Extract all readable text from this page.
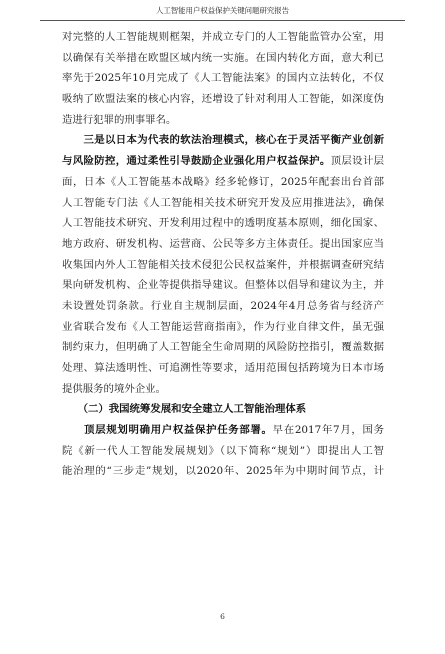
人工智能用户权益保护关键问题研究报告
对完整的人工智能规则框架，并成立专门的人工智能监管办公室，用
以确保有关举措在欧盟区域内统一实施。在国内转化方面，意大利已
率先于2025年10月完成了《人工智能法案》的国内立法转化，不仅
吸纳了欧盟法案的核心内容，还增设了针对利用人工智能，如深度伪
造进行犯罪的刑事罪名。
　　三是以日本为代表的软法治理模式，核心在于灵活平衡产业创新
与风险防控，通过柔性引导鼓励企业强化用户权益保护。顶层设计层
面，日本《人工智能基本战略》经多轮修订，2025年配套出台首部
人工智能专门法《人工智能相关技术研究开发及应用推进法》，确保
人工智能技术研究、开发利用过程中的透明度基本原则，细化国家、
地方政府、研发机构、运营商、公民等多方主体责任。提出国家应当
收集国内外人工智能相关技术侵犯公民权益案件，并根据调查研究结
果向研发机构、企业等提供指导建议。但整体以倡导和建议为主，并
未设置处罚条款。行业自主规制层面，2024年4月总务省与经济产
业省联合发布《人工智能运营商指南》，作为行业自律文件，虽无强
制约束力，但明确了人工智能全生命周期的风险防控指引，覆盖数据
处理、算法透明性、可追溯性等要求，适用范围包括跨境为日本市场
提供服务的境外企业。
　　（二）我国统筹发展和安全建立人工智能治理体系
　　顶层规划明确用户权益保护任务部署。早在2017年7月，国务
院《新一代人工智能发展规划》（以下简称“规划”）即提出人工智
能治理的“三步走”规划，以2020年、2025年为中期时间节点，计
6
